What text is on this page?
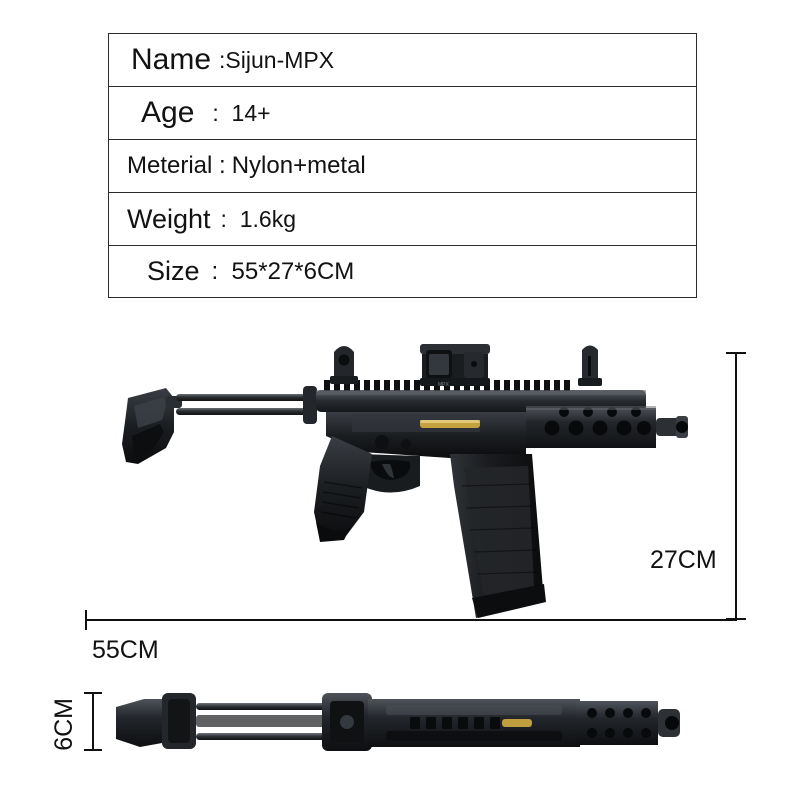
Name :Sijun-MPX
Age :  14+
Meterial : Nylon+metal
Weight :  1.6kg
Size :  55*27*6CM
MPX
27CM
55CM
6CM
